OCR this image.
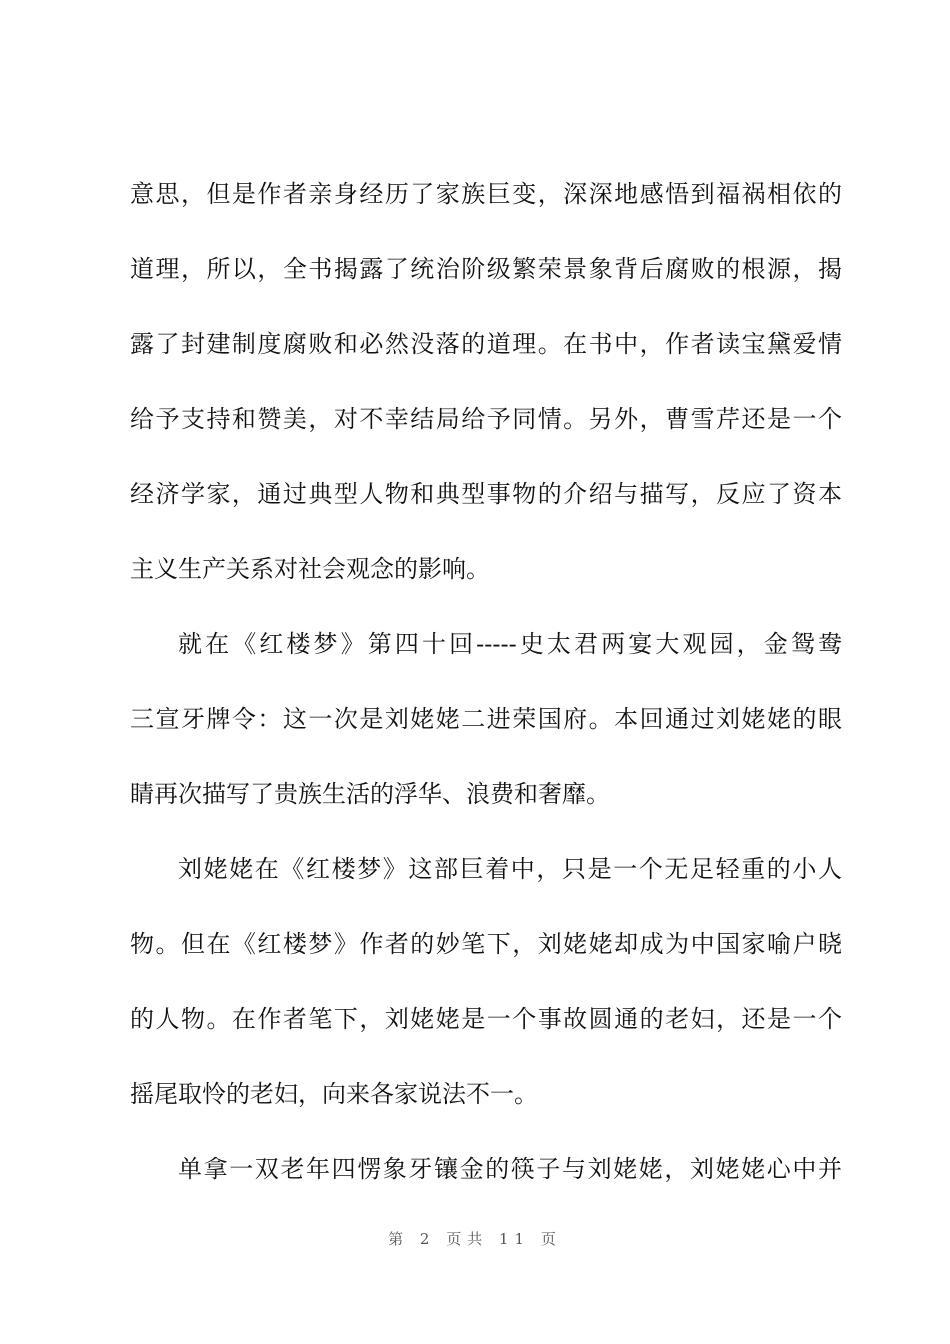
意思，但是作者亲身经历了家族巨变，深深地感悟到福祸相依的
道理，所以，全书揭露了统治阶级繁荣景象背后腐败的根源，揭
露了封建制度腐败和必然没落的道理。在书中，作者读宝黛爱情
给予支持和赞美，对不幸结局给予同情。另外，曹雪芹还是一个
经济学家，通过典型人物和典型事物的介绍与描写，反应了资本
主义生产关系对社会观念的影响。
就在《红楼梦》第四十回-----史太君两宴大观园，金鸳鸯
三宣牙牌令：这一次是刘姥姥二进荣国府。本回通过刘姥姥的眼
睛再次描写了贵族生活的浮华、浪费和奢靡。
刘姥姥在《红楼梦》这部巨着中，只是一个无足轻重的小人
物。但在《红楼梦》作者的妙笔下，刘姥姥却成为中国家喻户晓
的人物。在作者笔下，刘姥姥是一个事故圆通的老妇，还是一个
摇尾取怜的老妇，向来各家说法不一。
单拿一双老年四愣象牙镶金的筷子与刘姥姥，刘姥姥心中并
第 2 页共 11 页
